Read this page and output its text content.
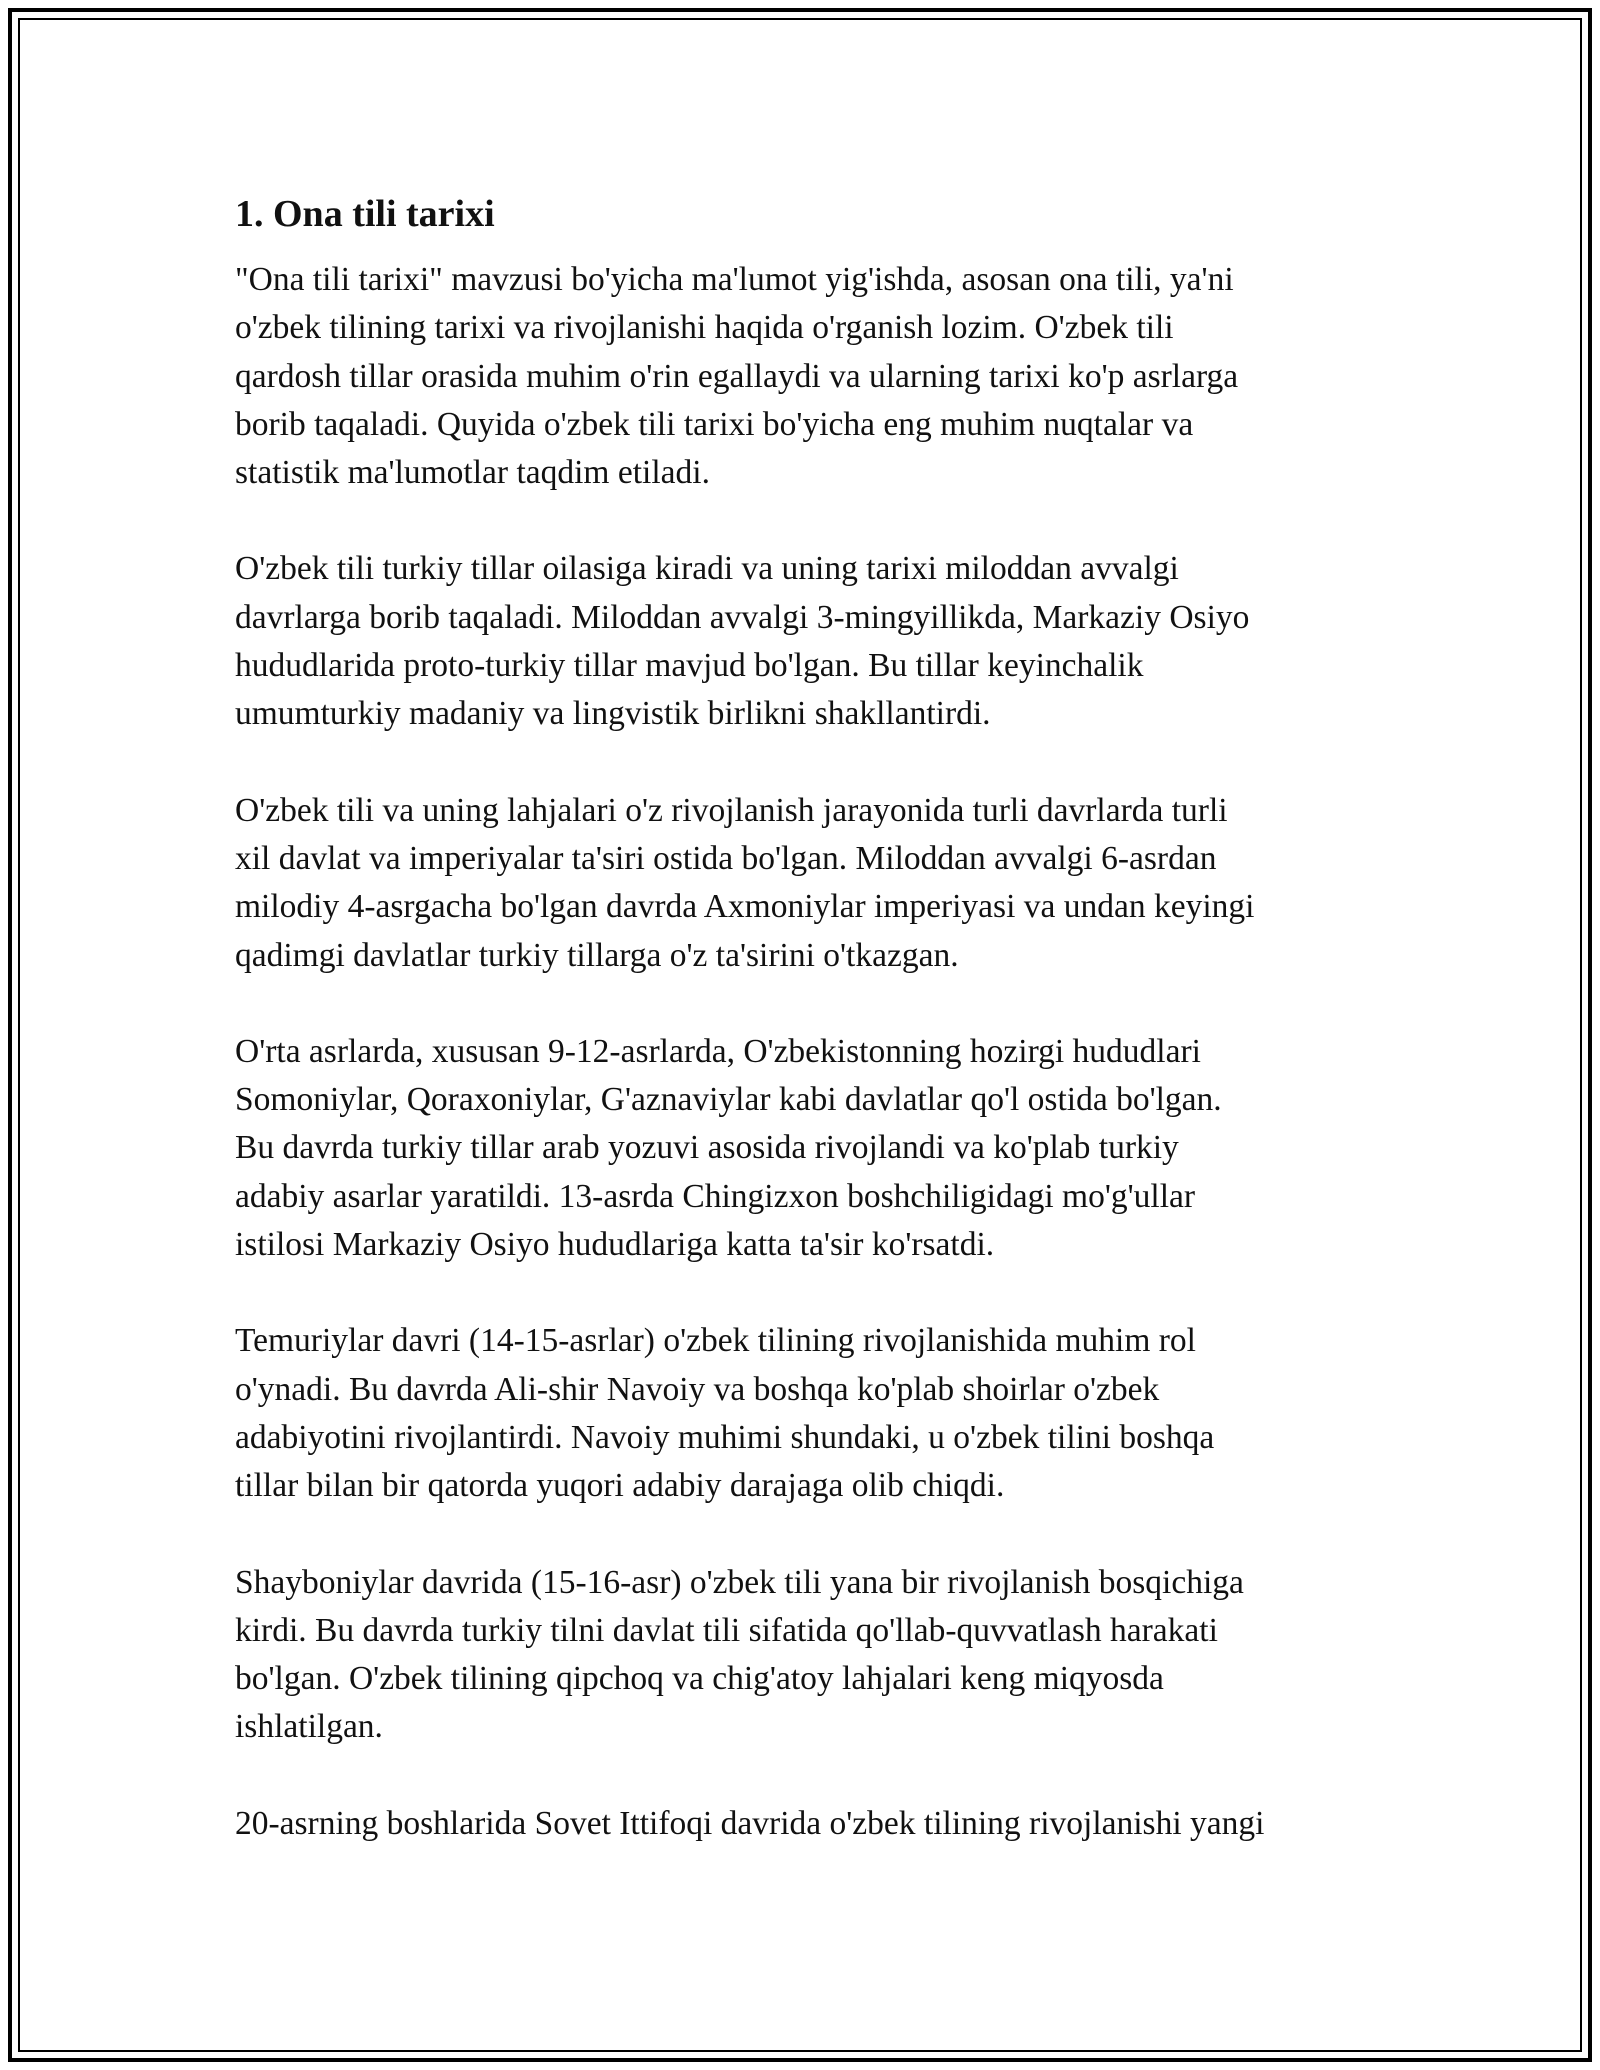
1. Ona tili tarixi

"Ona tili tarixi" mavzusi bo'yicha ma'lumot yig'ishda, asosan ona tili, ya'ni
o'zbek tilining tarixi va rivojlanishi haqida o'rganish lozim. O'zbek tili
qardosh tillar orasida muhim o'rin egallaydi va ularning tarixi ko'p asrlarga
borib taqaladi. Quyida o'zbek tili tarixi bo'yicha eng muhim nuqtalar va
statistik ma'lumotlar taqdim etiladi.

O'zbek tili turkiy tillar oilasiga kiradi va uning tarixi miloddan avvalgi
davrlarga borib taqaladi. Miloddan avvalgi 3-mingyillikda, Markaziy Osiyo
hududlarida proto-turkiy tillar mavjud bo'lgan. Bu tillar keyinchalik
umumturkiy madaniy va lingvistik birlikni shakllantirdi.

O'zbek tili va uning lahjalari o'z rivojlanish jarayonida turli davrlarda turli
xil davlat va imperiyalar ta'siri ostida bo'lgan. Miloddan avvalgi 6-asrdan
milodiy 4-asrgacha bo'lgan davrda Axmoniylar imperiyasi va undan keyingi
qadimgi davlatlar turkiy tillarga o'z ta'sirini o'tkazgan.

O'rta asrlarda, xususan 9-12-asrlarda, O'zbekistonning hozirgi hududlari
Somoniylar, Qoraxoniylar, G'aznaviylar kabi davlatlar qo'l ostida bo'lgan.
Bu davrda turkiy tillar arab yozuvi asosida rivojlandi va ko'plab turkiy
adabiy asarlar yaratildi. 13-asrda Chingizxon boshchiligidagi mo'g'ullar
istilosi Markaziy Osiyo hududlariga katta ta'sir ko'rsatdi.

Temuriylar davri (14-15-asrlar) o'zbek tilining rivojlanishida muhim rol
o'ynadi. Bu davrda Ali-shir Navoiy va boshqa ko'plab shoirlar o'zbek
adabiyotini rivojlantirdi. Navoiy muhimi shundaki, u o'zbek tilini boshqa
tillar bilan bir qatorda yuqori adabiy darajaga olib chiqdi.

Shayboniylar davrida (15-16-asr) o'zbek tili yana bir rivojlanish bosqichiga
kirdi. Bu davrda turkiy tilni davlat tili sifatida qo'llab-quvvatlash harakati
bo'lgan. O'zbek tilining qipchoq va chig'atoy lahjalari keng miqyosda
ishlatilgan.

20-asrning boshlarida Sovet Ittifoqi davrida o'zbek tilining rivojlanishi yangi
